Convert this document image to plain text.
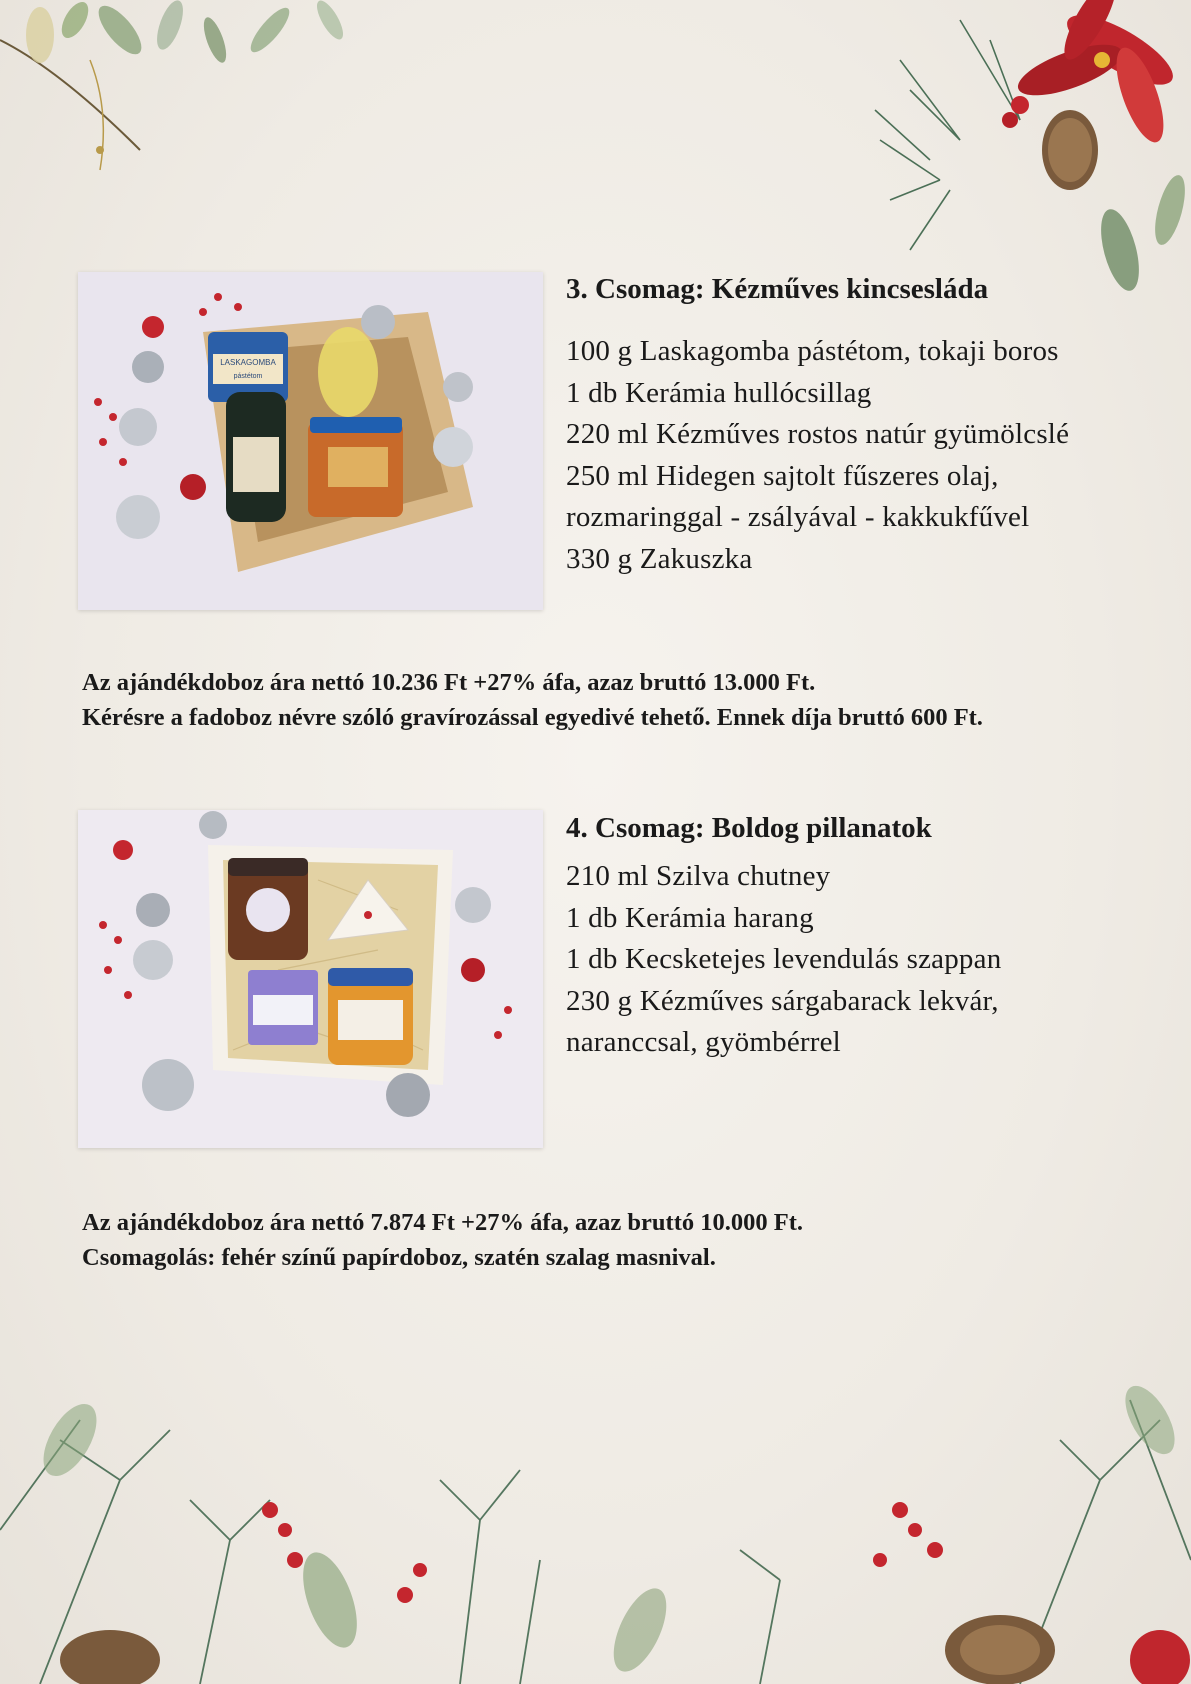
LASKAGOMBA
pástétom
3. Csomag: Kézműves kincsesláda
100 g Laskagomba pástétom, tokaji boros
1 db Kerámia hullócsillag
220 ml Kézműves rostos natúr gyümölcslé
250 ml Hidegen sajtolt fűszeres olaj,
rozmaringgal - zsályával - kakkukfűvel
330 g Zakuszka
Az ajándékdoboz ára nettó 10.236 Ft +27% áfa, azaz bruttó 13.000 Ft.
Kérésre a fadoboz névre szóló gravírozással egyedivé tehető. Ennek díja bruttó 600 Ft.
4. Csomag: Boldog pillanatok
210 ml Szilva chutney
1 db Kerámia harang
1 db Kecsketejes levendulás szappan
230 g Kézműves sárgabarack lekvár,
naranccsal, gyömbérrel
Az ajándékdoboz ára nettó 7.874 Ft +27% áfa, azaz bruttó 10.000 Ft.
Csomagolás: fehér színű papírdoboz, szatén szalag masnival.
